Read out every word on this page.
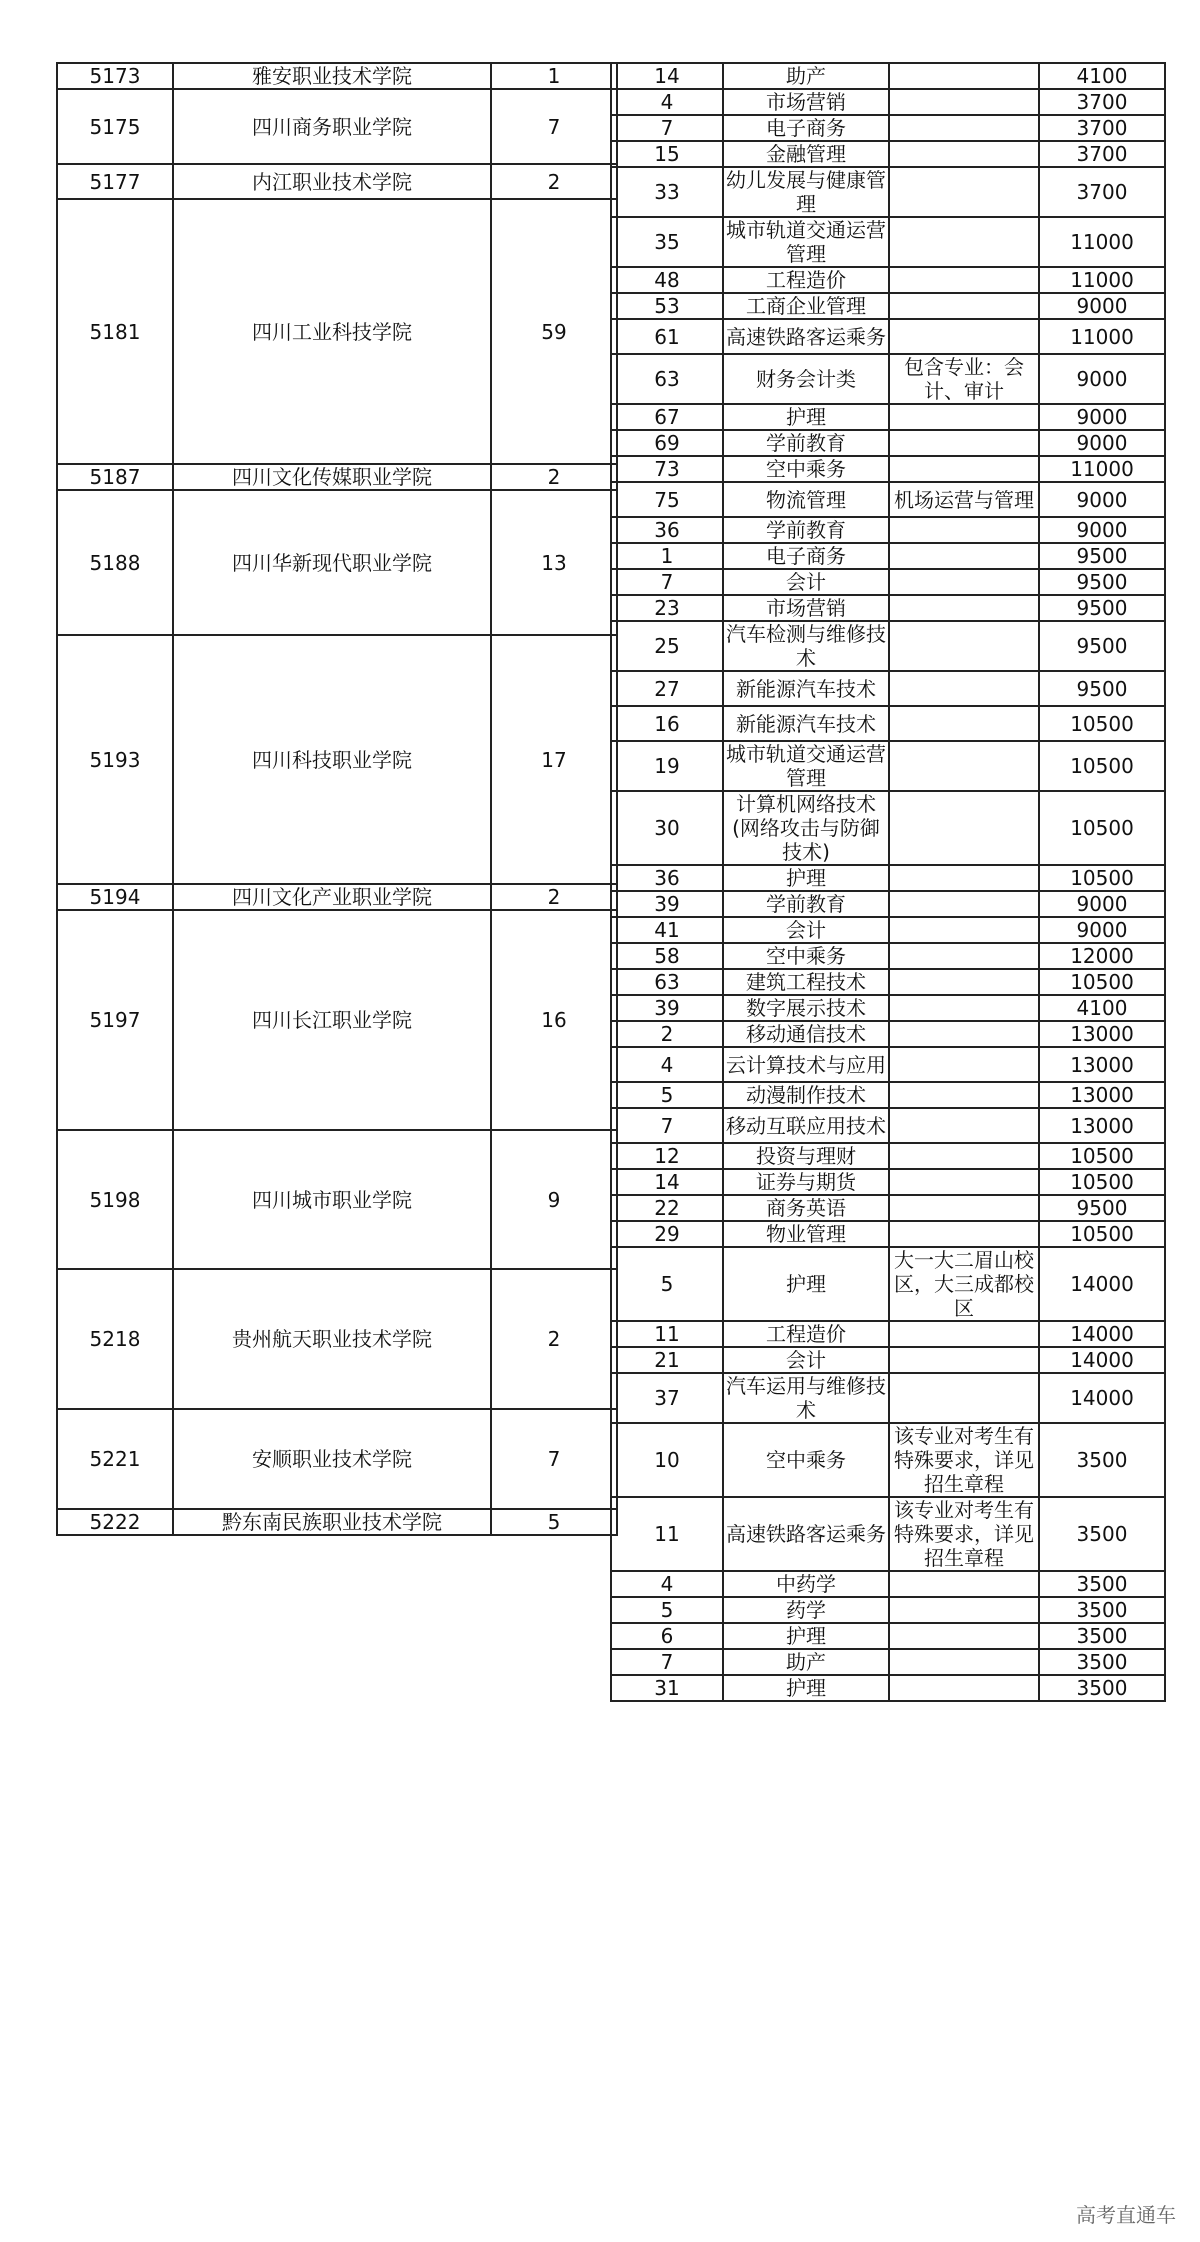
5173	雅安职业技术学院	1
5175	四川商务职业学院	7
5177	内江职业技术学院	2
5181	四川工业科技学院	59
5187	四川文化传媒职业学院	2
5188	四川华新现代职业学院	13
5193	四川科技职业学院	17
5194	四川文化产业职业学院	2
5197	四川长江职业学院	16
5198	四川城市职业学院	9
5218	贵州航天职业技术学院	2
5221	安顺职业技术学院	7
5222	黔东南民族职业技术学院	5
14	助产		4100
4	市场营销		3700
7	电子商务		3700
15	金融管理		3700
33	幼儿发展与健康管理		3700
35	城市轨道交通运营管理		11000
48	工程造价		11000
53	工商企业管理		9000
61	高速铁路客运乘务		11000
63	财务会计类	包含专业：会计、审计	9000
67	护理		9000
69	学前教育		9000
73	空中乘务		11000
75	物流管理	机场运营与管理	9000
36	学前教育		9000
1	电子商务		9500
7	会计		9500
23	市场营销		9500
25	汽车检测与维修技术		9500
27	新能源汽车技术		9500
16	新能源汽车技术		10500
19	城市轨道交通运营管理		10500
30	计算机网络技术(网络攻击与防御技术)		10500
36	护理		10500
39	学前教育		9000
41	会计		9000
58	空中乘务		12000
63	建筑工程技术		10500
39	数字展示技术		4100
2	移动通信技术		13000
4	云计算技术与应用		13000
5	动漫制作技术		13000
7	移动互联应用技术		13000
12	投资与理财		10500
14	证券与期货		10500
22	商务英语		9500
29	物业管理		10500
5	护理	大一大二眉山校区，大三成都校区	14000
11	工程造价		14000
21	会计		14000
37	汽车运用与维修技术		14000
10	空中乘务	该专业对考生有特殊要求，详见招生章程	3500
11	高速铁路客运乘务	该专业对考生有特殊要求，详见招生章程	3500
4	中药学		3500
5	药学		3500
6	护理		3500
7	助产		3500
31	护理		3500
高考直通车
